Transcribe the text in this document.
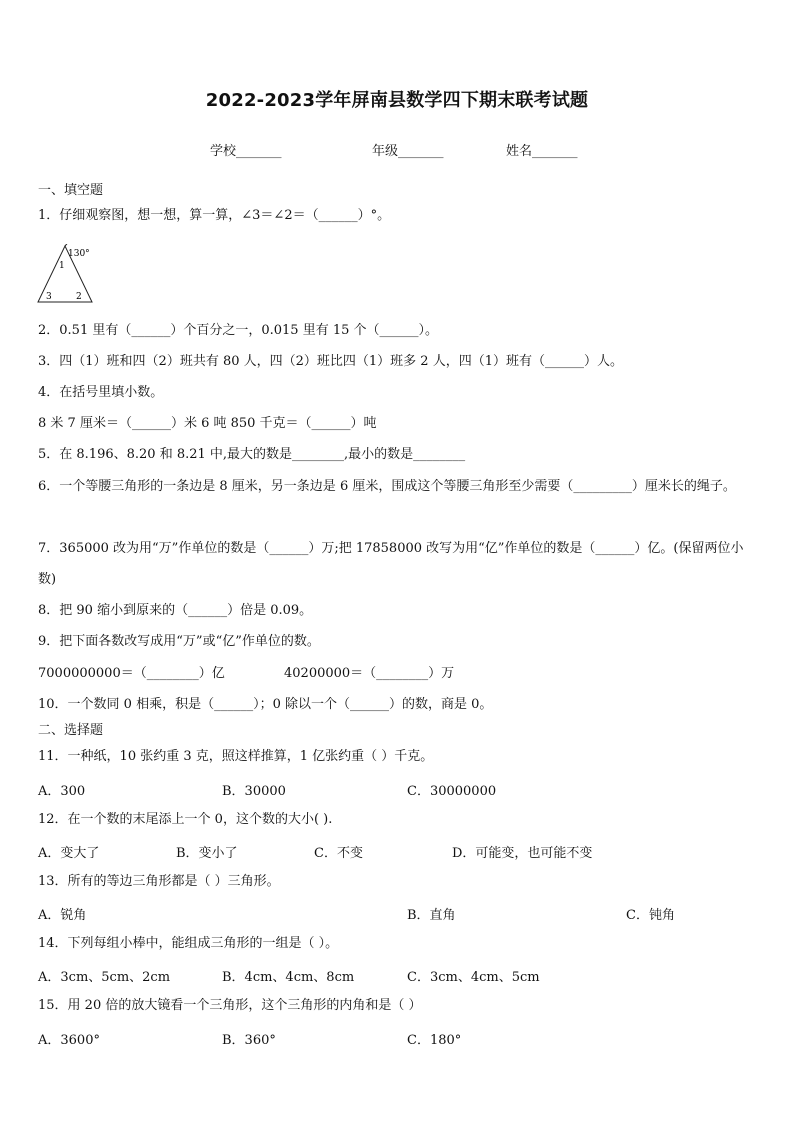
2022-2023学年屏南县数学四下期末联考试题
学校_______	年级_______	姓名_______
一、填空题
1．仔细观察图，想一想，算一算，∠3＝∠2＝（______）°。
130°
1
3	2
2．0.51 里有（______）个百分之一，0.015 里有 15 个（______）。
3．四（1）班和四（2）班共有 80 人，四（2）班比四（1）班多 2 人，四（1）班有（______）人。
4．在括号里填小数。
8 米 7 厘米＝（______）米 6 吨 850 千克＝（______）吨
5．在 8.196、8.20 和 8.21 中,最大的数是________,最小的数是________
6．一个等腰三角形的一条边是 8 厘米，另一条边是 6 厘米，围成这个等腰三角形至少需要（_________）厘米长的绳子。
7．365000 改为用“万”作单位的数是（______）万;把 17858000 改写为用“亿”作单位的数是（______）亿。(保留两位小数)
8．把 90 缩小到原来的（______）倍是 0.09。
9．把下面各数改写成用“万”或“亿”作单位的数。
7000000000＝（________）亿	40200000＝（________）万
10．一个数同 0 相乘，积是（______）；0 除以一个（______）的数，商是 0。
二、选择题
11．一种纸，10 张约重 3 克，照这样推算，1 亿张约重（ ）千克。
A．300	B．30000	C．30000000
12．在一个数的末尾添上一个 0，这个数的大小( ).
A．变大了	B．变小了	C．不变	D．可能变，也可能不变
13．所有的等边三角形都是（ ）三角形。
A．锐角	B．直角	C．钝角
14．下列每组小棒中，能组成三角形的一组是（ ）。
A．3cm、5cm、2cm	B．4cm、4cm、8cm	C．3cm、4cm、5cm
15．用 20 倍的放大镜看一个三角形，这个三角形的内角和是（ ）
A．3600°	B．360°	C．180°
